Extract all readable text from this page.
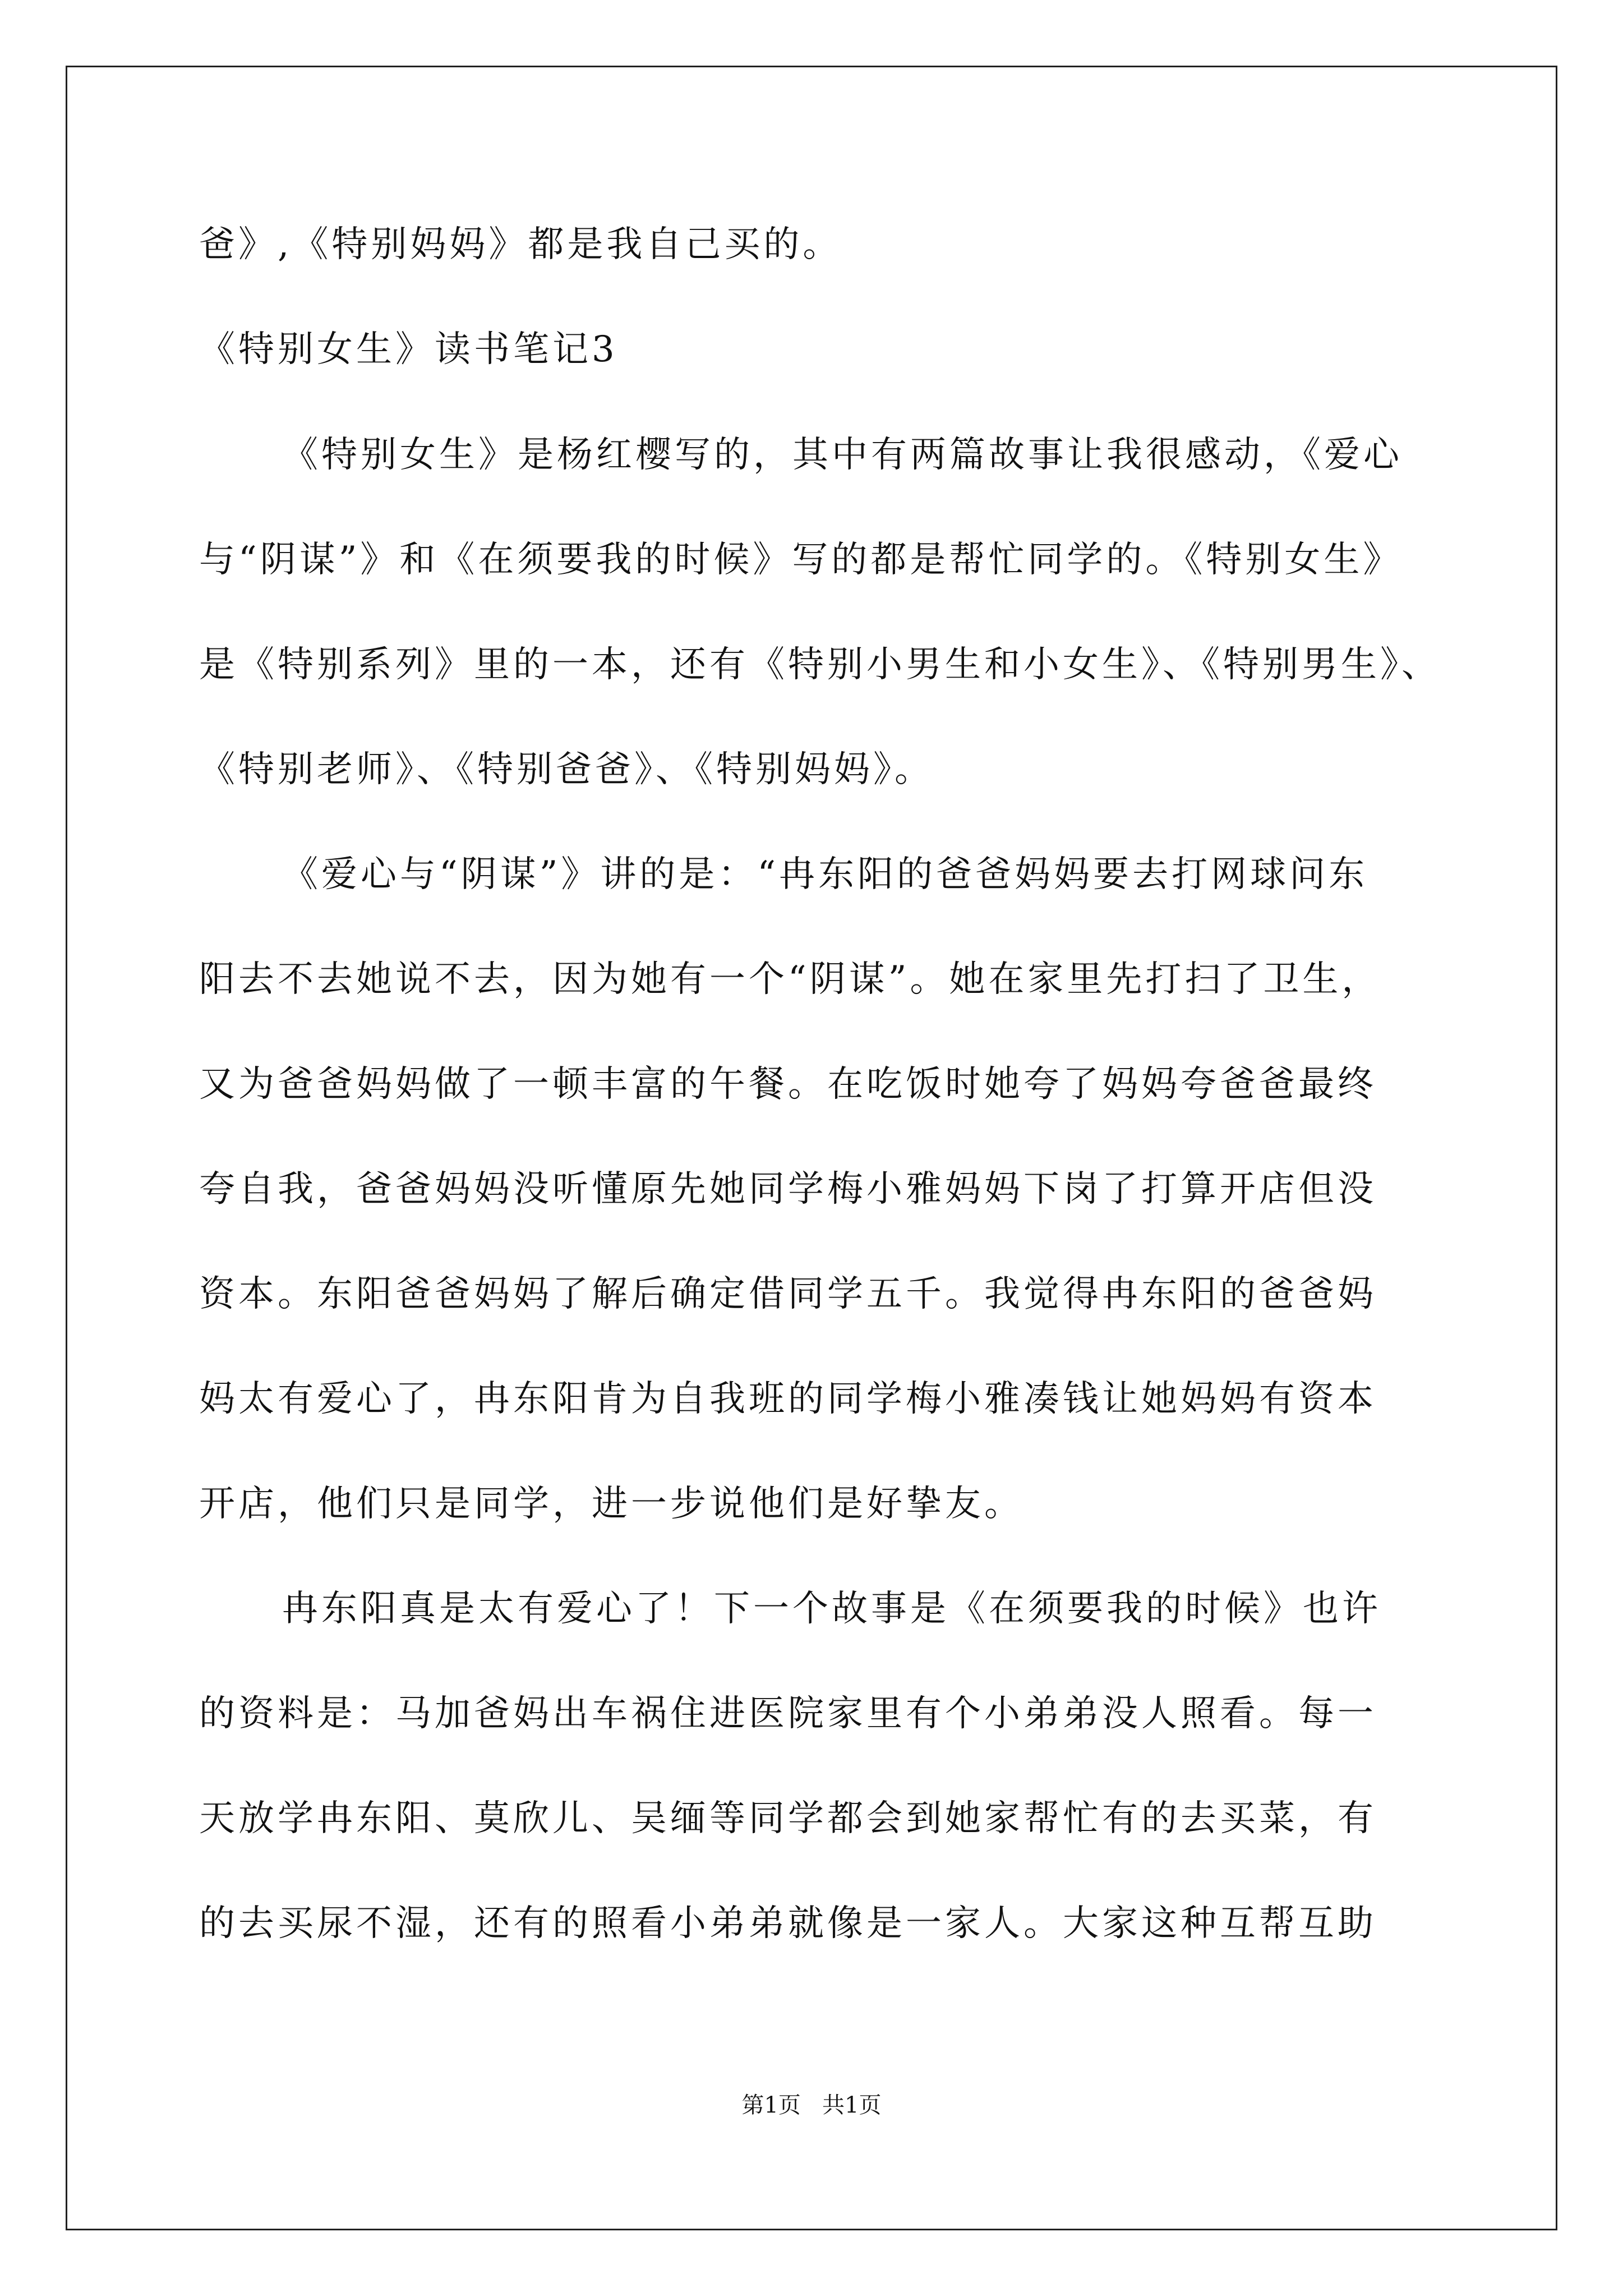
爸》,《特别妈妈》都是我自己买的。
《特别女生》读书笔记3
《特别女生》是杨红樱写的，其中有两篇故事让我很感动，《爱心
与“阴谋”》和《在须要我的时候》写的都是帮忙同学的。《特别女生》
是《特别系列》里的一本，还有《特别小男生和小女生》、《特别男生》、
《特别老师》、《特别爸爸》、《特别妈妈》。
《爱心与“阴谋”》讲的是：“冉东阳的爸爸妈妈要去打网球问东
阳去不去她说不去，因为她有一个“阴谋”。她在家里先打扫了卫生，
又为爸爸妈妈做了一顿丰富的午餐。在吃饭时她夸了妈妈夸爸爸最终
夸自我，爸爸妈妈没听懂原先她同学梅小雅妈妈下岗了打算开店但没
资本。东阳爸爸妈妈了解后确定借同学五千。我觉得冉东阳的爸爸妈
妈太有爱心了，冉东阳肯为自我班的同学梅小雅凑钱让她妈妈有资本
开店，他们只是同学，进一步说他们是好挚友。
冉东阳真是太有爱心了！下一个故事是《在须要我的时候》也许
的资料是：马加爸妈出车祸住进医院家里有个小弟弟没人照看。每一
天放学冉东阳、莫欣儿、吴缅等同学都会到她家帮忙有的去买菜，有
的去买尿不湿，还有的照看小弟弟就像是一家人。大家这种互帮互助
第1页   共1页
